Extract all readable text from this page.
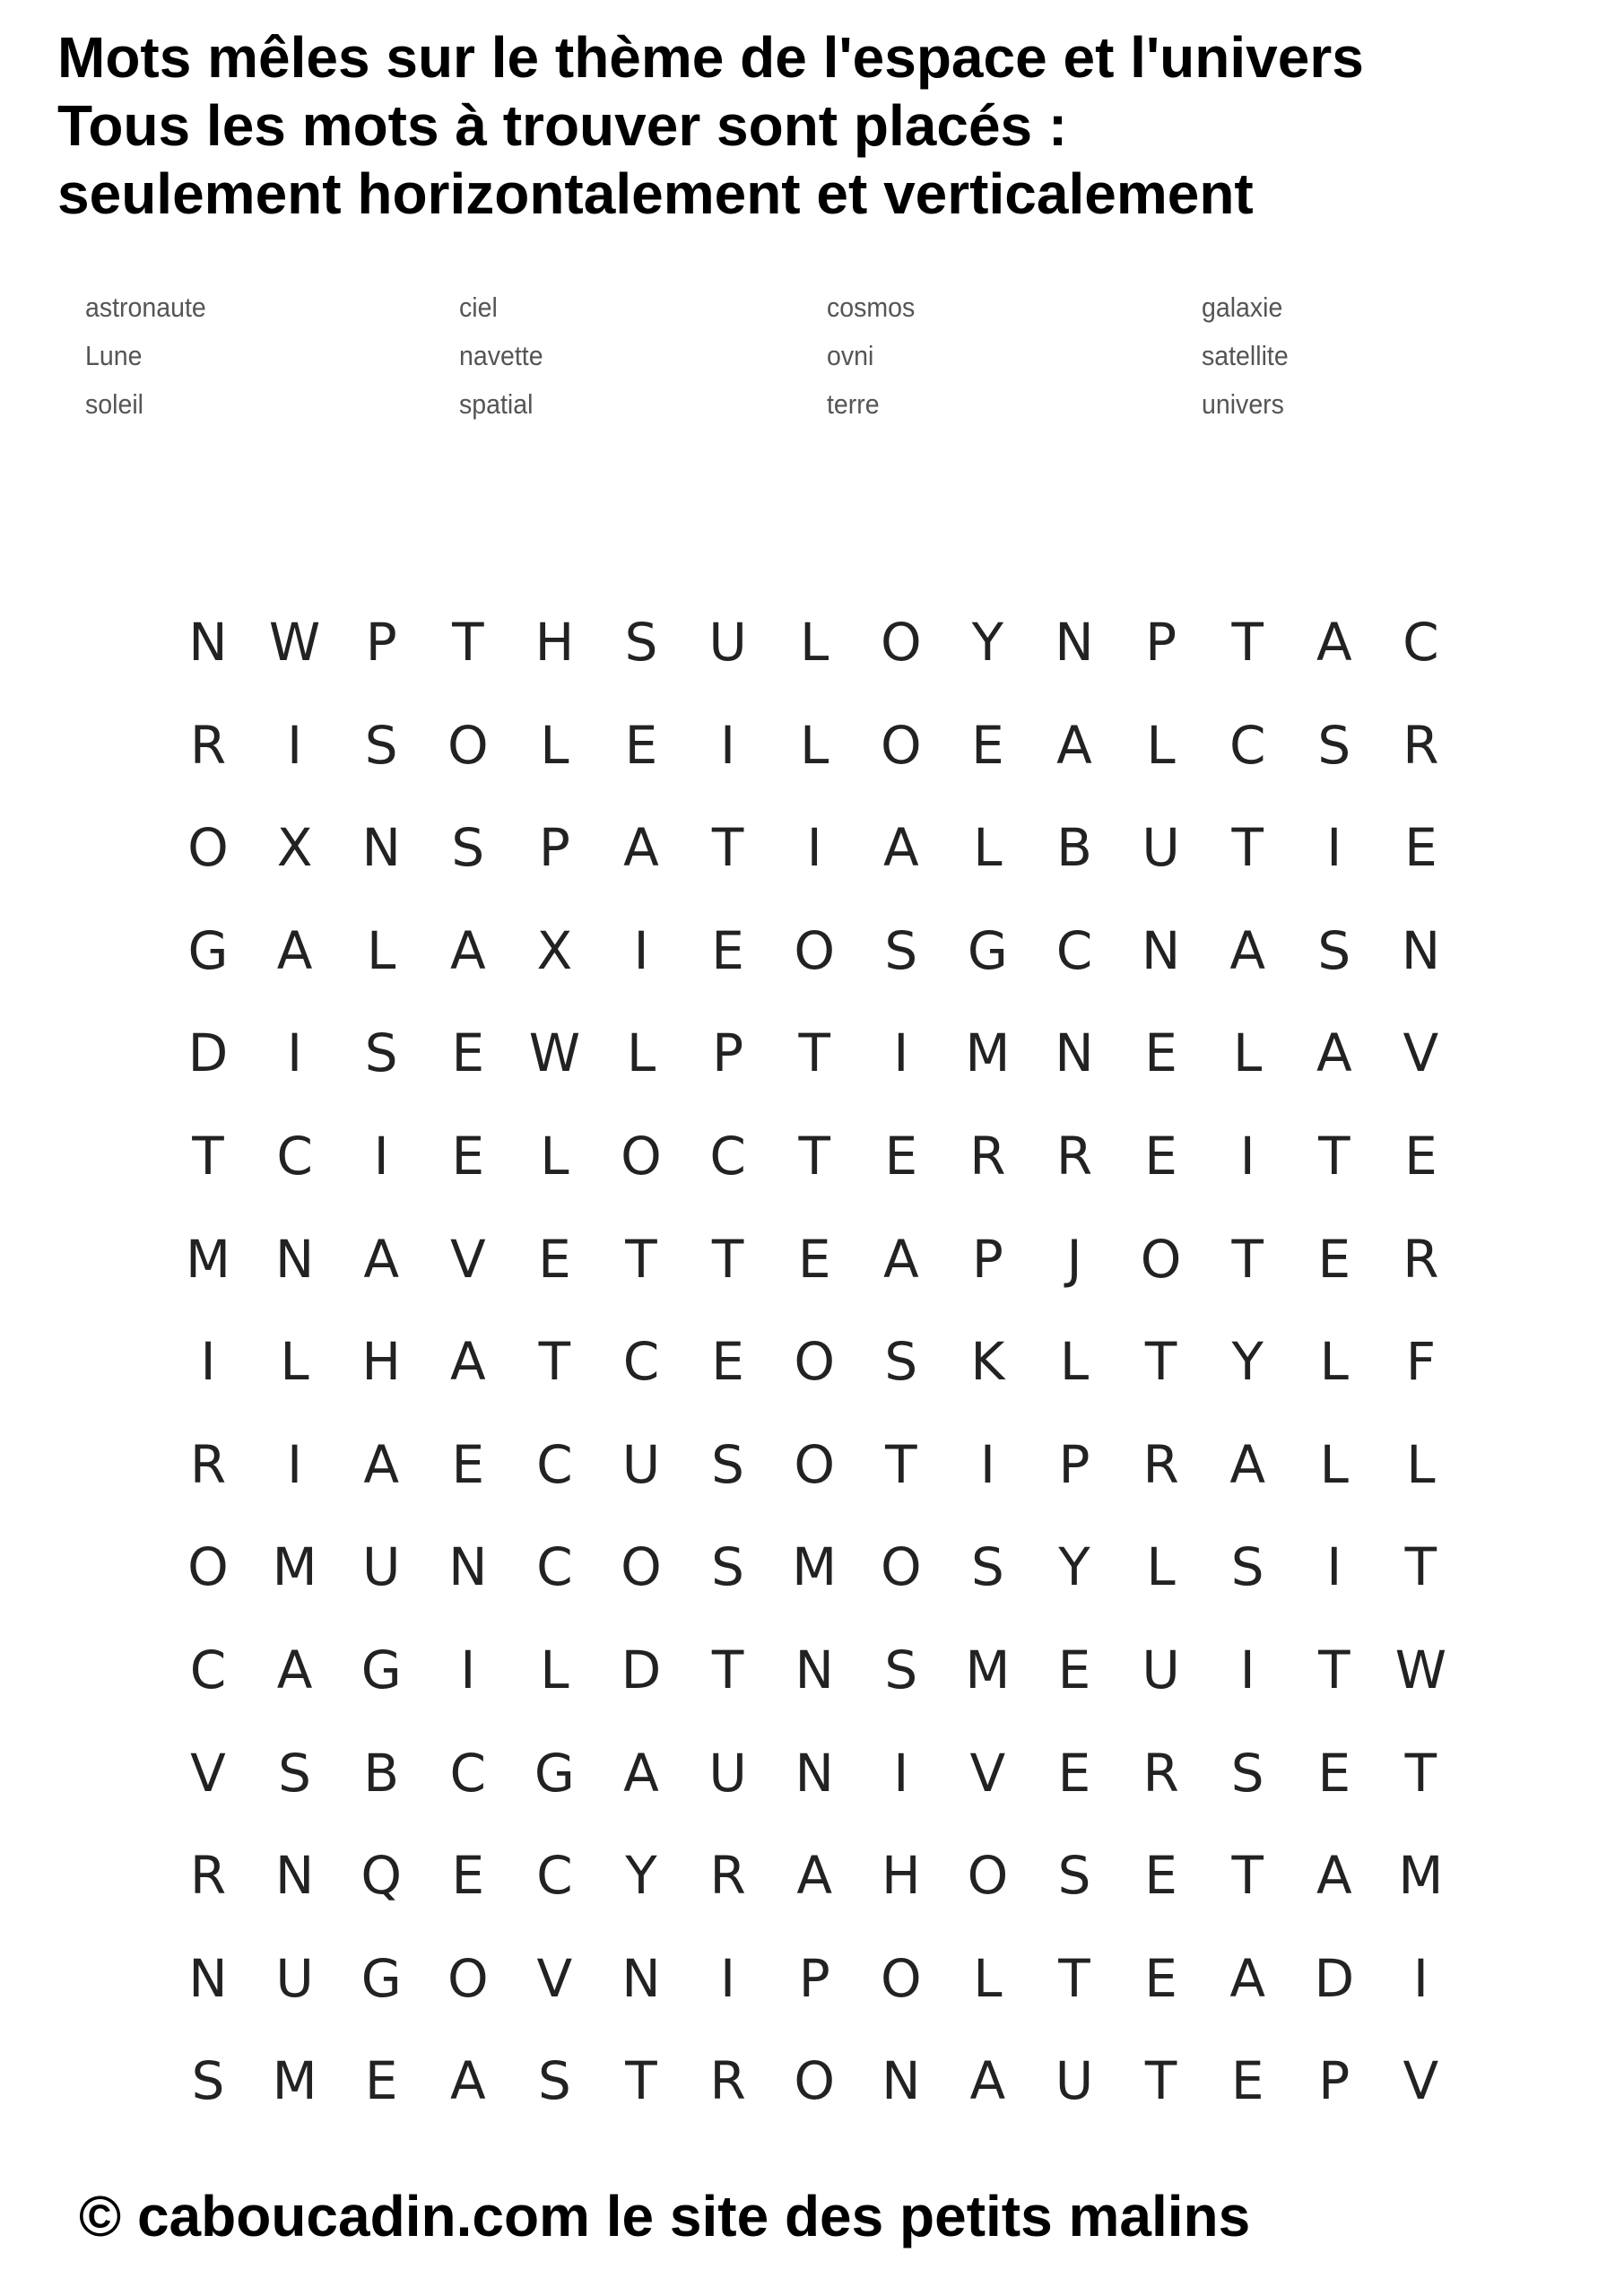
Mots mêles sur le thème de l'espace et l'univers
Tous les mots à trouver sont placés :
seulement horizontalement et verticalement
astronaute	ciel	cosmos	galaxie
Lune	navette	ovni	satellite
soleil	spatial	terre	univers
N W P	T H S U	L O Y N P	T	A C
R	I	S O L	E	I	L O E	A	L	C S	R
O X N S	P	A	T	I	A	L	B U T	I	E
G A	L	A X	I	E O S G C N A	S N
D	I	S	E W L	P	T	I	M N E	L	A V
T	C	I	E	L O C	T	E	R R	E	I	T	E
M N A V	E	T	T	E	A	P	J	O T	E	R
I	L	H A	T	C	E O S	K	L	T	Y	L	F
R	I	A	E	C U S O T	I	P	R A	L	L
O M U N C O S M O S	Y	L	S	I	T
C A G	I	L	D T N S M E U	I	T W
V	S	B C G A U N	I	V	E	R	S	E	T
R N Q E	C	Y	R A H O S	E	T	A M
N U G O V N	I	P O L	T	E	A D	I
S M E	A	S	T	R O N A U T	E	P	V
© caboucadin.com le site des petits malins
